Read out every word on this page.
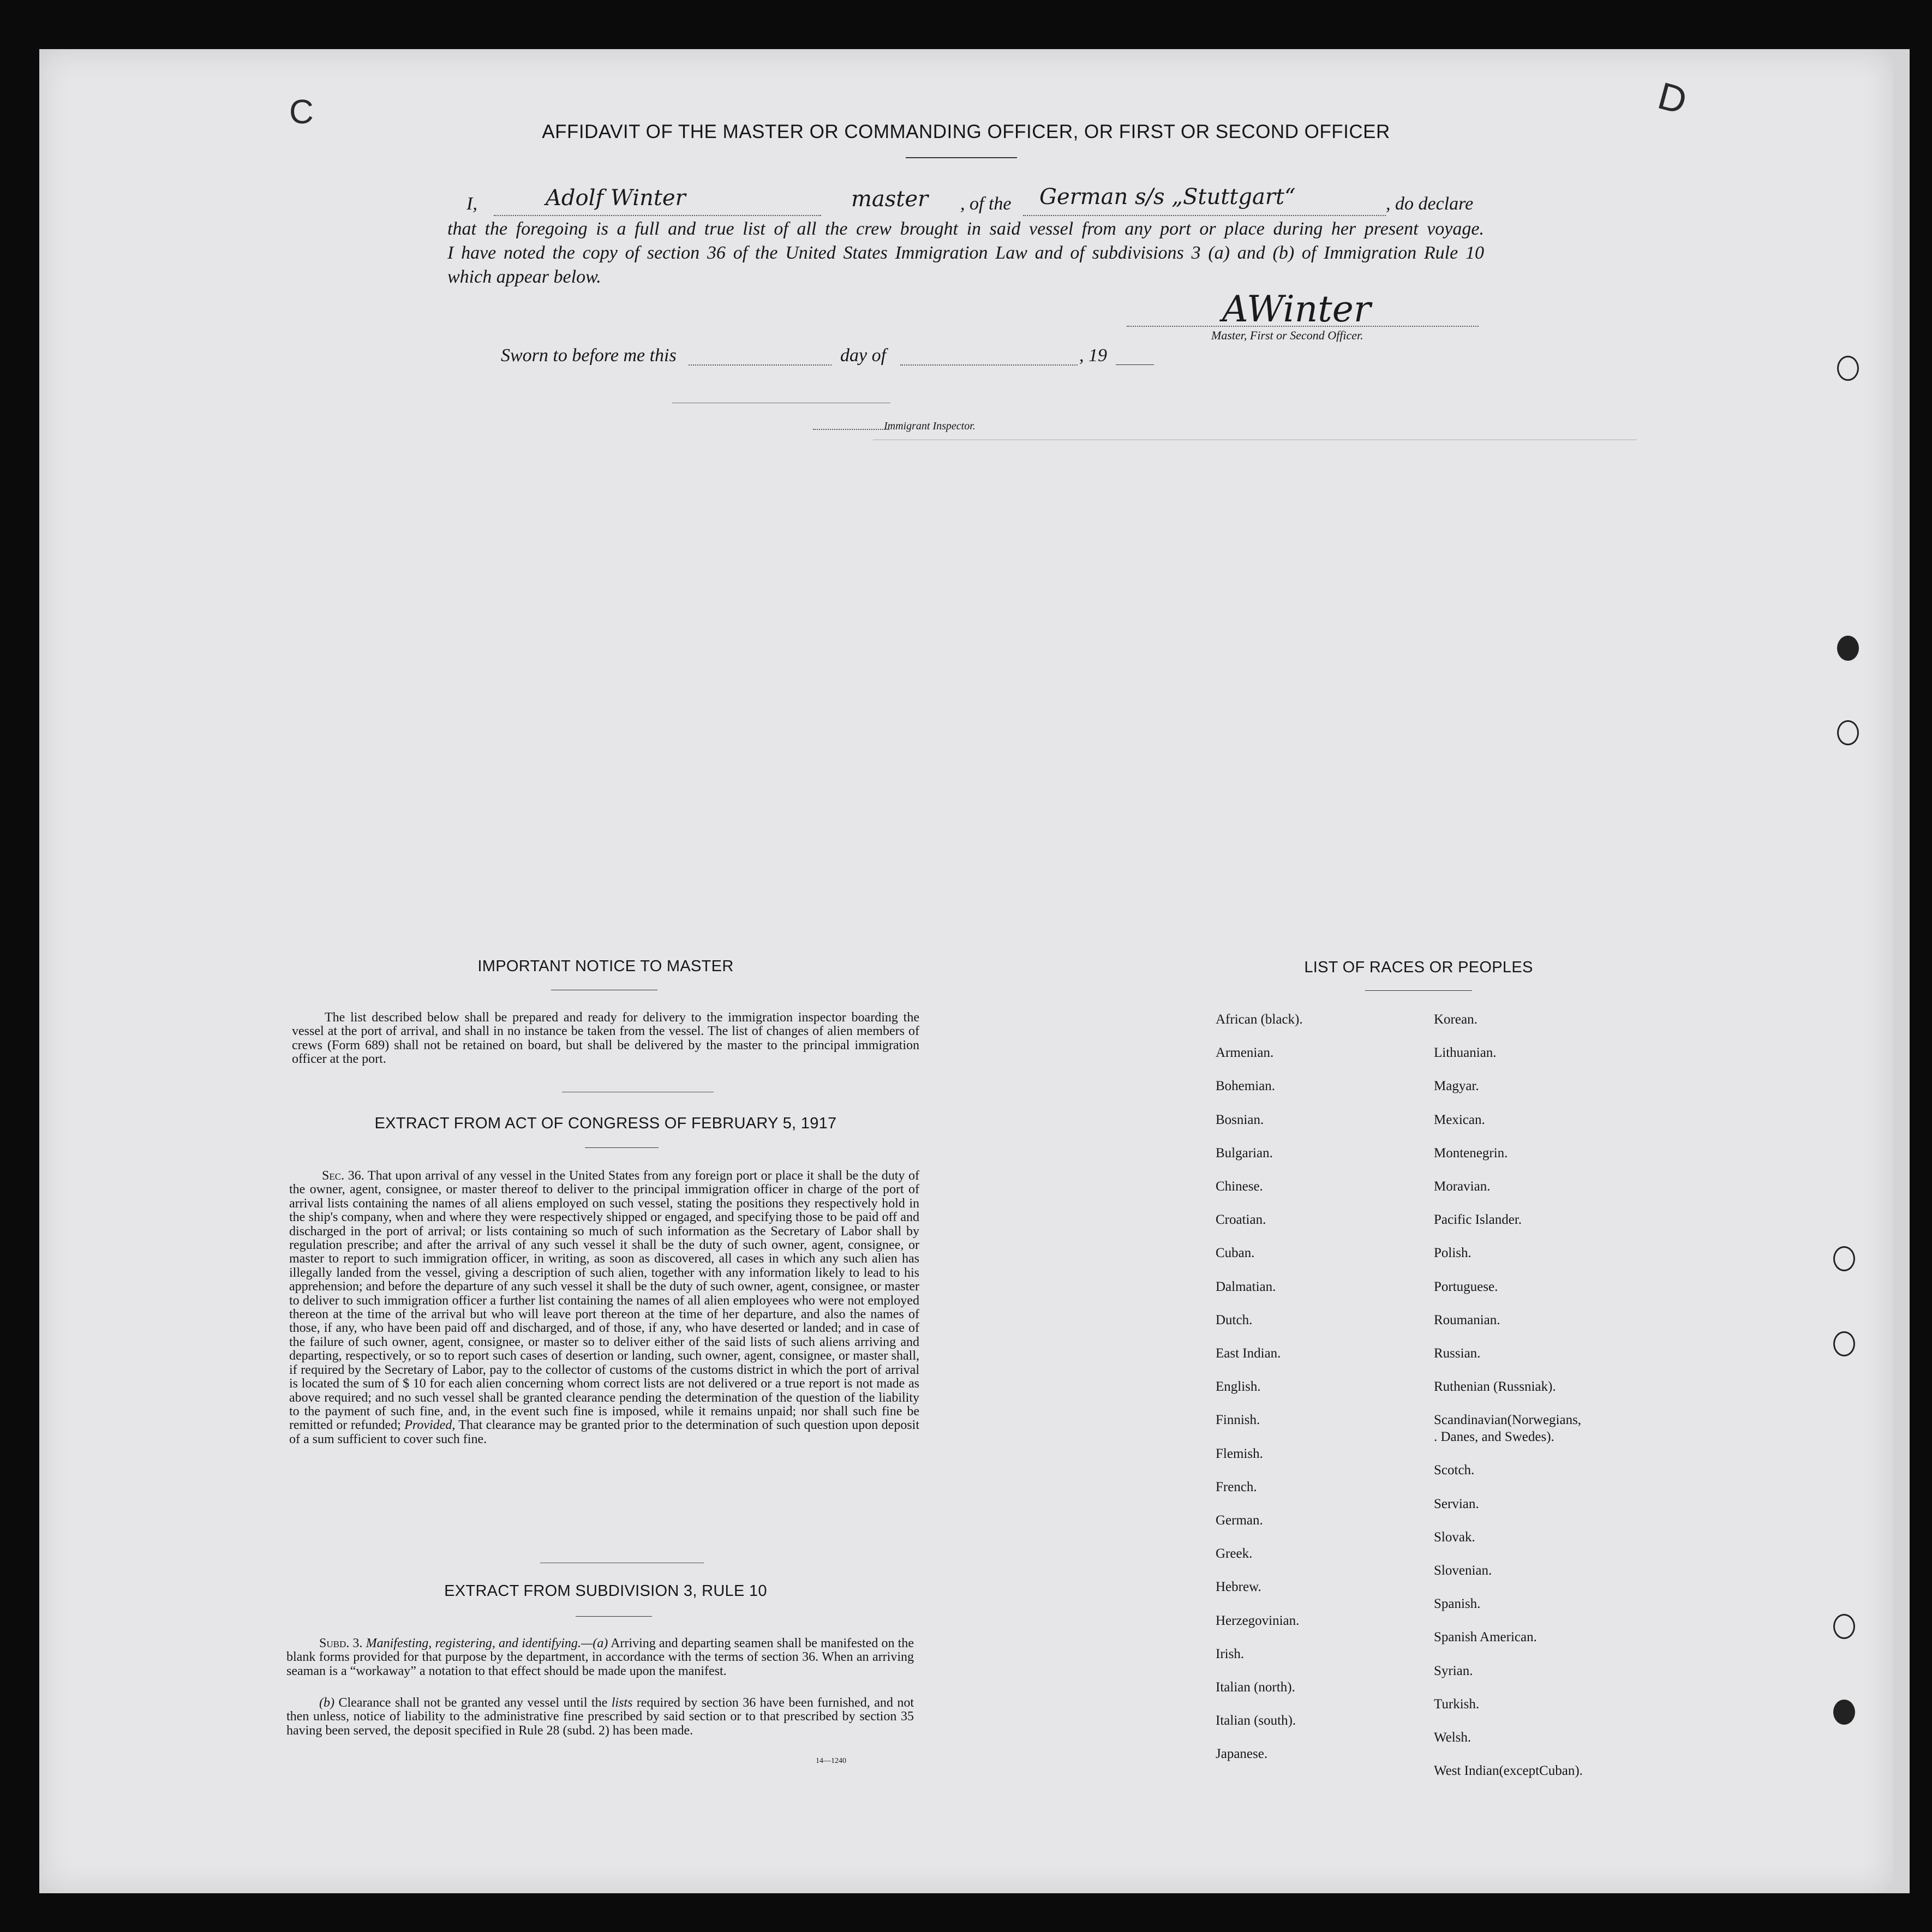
C	D
AFFIDAVIT OF THE MASTER OR COMMANDING OFFICER, OR FIRST OR SECOND OFFICER
I,	Adolf Winter	master , of the German s/s „Stuttgart“	, do declare
that the foregoing is a full and true list of all the crew brought in said vessel from any port or place during her present voyage.
I have noted the copy of section 36 of the United States Immigration Law and of subdivisions 3 (a) and (b) of Immigration Rule 10
which appear below.
AWinter
Master, First or Second Officer.
Sworn to before me this	day of	, 19
Immigrant Inspector.
IMPORTANT NOTICE TO MASTER
The list described below shall be prepared and ready for delivery to the immigration inspector boarding the vessel at the port of arrival, and shall in no instance be taken from the vessel. The list of changes of alien members of crews (Form 689) shall not be retained on board, but shall be delivered by the master to the principal immigration officer at the port.
EXTRACT FROM ACT OF CONGRESS OF FEBRUARY 5, 1917
Sec. 36. That upon arrival of any vessel in the United States from any foreign port or place it shall be the duty of the owner, agent, consignee, or master thereof to deliver to the principal immigration officer in charge of the port of arrival lists containing the names of all aliens employed on such vessel, stating the positions they respectively hold in the ship's company, when and where they were respectively shipped or engaged, and specifying those to be paid off and discharged in the port of arrival; or lists containing so much of such information as the Secretary of Labor shall by regulation prescribe; and after the arrival of any such vessel it shall be the duty of such owner, agent, consignee, or master to report to such immigration officer, in writing, as soon as discovered, all cases in which any such alien has illegally landed from the vessel, giving a description of such alien, together with any information likely to lead to his apprehension; and before the departure of any such vessel it shall be the duty of such owner, agent, consignee, or master to deliver to such immigration officer a further list containing the names of all alien employees who were not employed thereon at the time of the arrival but who will leave port thereon at the time of her departure, and also the names of those, if any, who have been paid off and discharged, and of those, if any, who have deserted or landed; and in case of the failure of such owner, agent, consignee, or master so to deliver either of the said lists of such aliens arriving and departing, respectively, or so to report such cases of desertion or landing, such owner, agent, consignee, or master shall, if required by the Secretary of Labor, pay to the collector of customs of the customs district in which the port of arrival is located the sum of $ 10 for each alien concerning whom correct lists are not delivered or a true report is not made as above required; and no such vessel shall be granted clearance pending the determination of the question of the liability to the payment of such fine, and, in the event such fine is imposed, while it remains unpaid; nor shall such fine be remitted or refunded; Provided, That clearance may be granted prior to the determination of such question upon deposit of a sum sufficient to cover such fine.
EXTRACT FROM SUBDIVISION 3, RULE 10
Subd. 3. Manifesting, registering, and identifying.—(a) Arriving and departing seamen shall be manifested on the blank forms provided for that purpose by the department, in accordance with the terms of section 36. When an arriving seaman is a “workaway” a notation to that effect should be made upon the manifest.
(b) Clearance shall not be granted any vessel until the lists required by section 36 have been furnished, and not then unless, notice of liability to the administrative fine prescribed by said section or to that prescribed by section 35 having been served, the deposit specified in Rule 28 (subd. 2) has been made.
14—1240
LIST OF RACES OR PEOPLES
African (black).
Armenian.
Bohemian.
Bosnian.
Bulgarian.
Chinese.
Croatian.
Cuban.
Dalmatian.
Dutch.
East Indian.
English.
Finnish.
Flemish.
French.
German.
Greek.
Hebrew.
Herzegovinian.
Irish.
Italian (north).
Italian (south).
Japanese.
Korean.
Lithuanian.
Magyar.
Mexican.
Montenegrin.
Moravian.
Pacific Islander.
Polish.
Portuguese.
Roumanian.
Russian.
Ruthenian (Russniak).
Scandinavian(Norwegians,
. Danes, and Swedes).
Scotch.
Servian.
Slovak.
Slovenian.
Spanish.
Spanish American.
Syrian.
Turkish.
Welsh.
West Indian(exceptCuban).
